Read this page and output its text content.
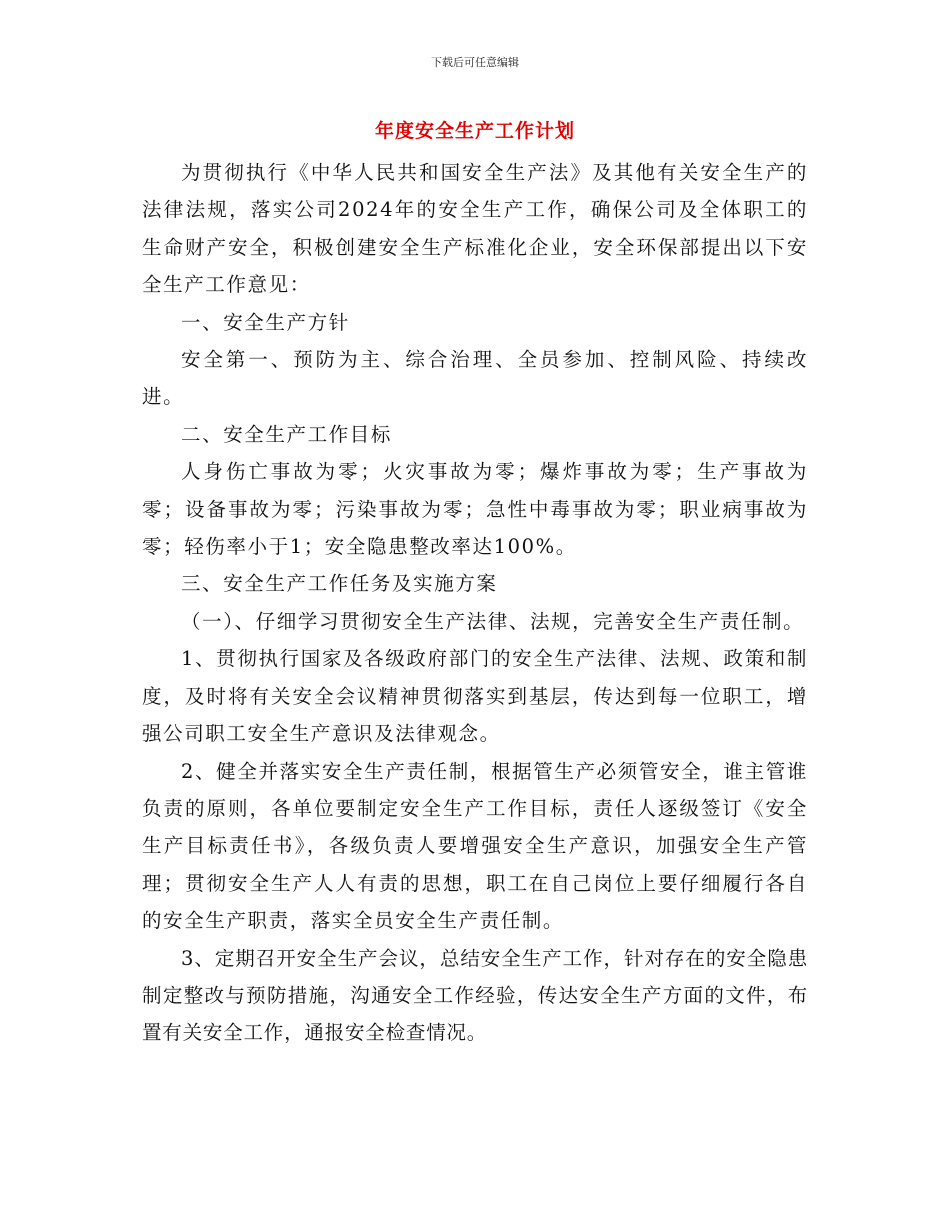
下载后可任意编辑
年度安全生产工作计划

为贯彻执行《中华人民共和国安全生产法》及其他有关安全生产的法律法规，落实公司2024年的安全生产工作，确保公司及全体职工的生命财产安全，积极创建安全生产标准化企业，安全环保部提出以下安全生产工作意见：

一、安全生产方针

安全第一、预防为主、综合治理、全员参加、控制风险、持续改进。

二、安全生产工作目标

人身伤亡事故为零；火灾事故为零；爆炸事故为零；生产事故为零；设备事故为零；污染事故为零；急性中毒事故为零；职业病事故为零；轻伤率小于1；安全隐患整改率达100%。

三、安全生产工作任务及实施方案

（一）、仔细学习贯彻安全生产法律、法规，完善安全生产责任制。

1、贯彻执行国家及各级政府部门的安全生产法律、法规、政策和制度，及时将有关安全会议精神贯彻落实到基层，传达到每一位职工，增强公司职工安全生产意识及法律观念。

2、健全并落实安全生产责任制，根据管生产必须管安全，谁主管谁负责的原则，各单位要制定安全生产工作目标，责任人逐级签订《安全生产目标责任书》，各级负责人要增强安全生产意识，加强安全生产管理；贯彻安全生产人人有责的思想，职工在自己岗位上要仔细履行各自的安全生产职责，落实全员安全生产责任制。

3、定期召开安全生产会议，总结安全生产工作，针对存在的安全隐患制定整改与预防措施，沟通安全工作经验，传达安全生产方面的文件，布置有关安全工作，通报安全检查情况。
